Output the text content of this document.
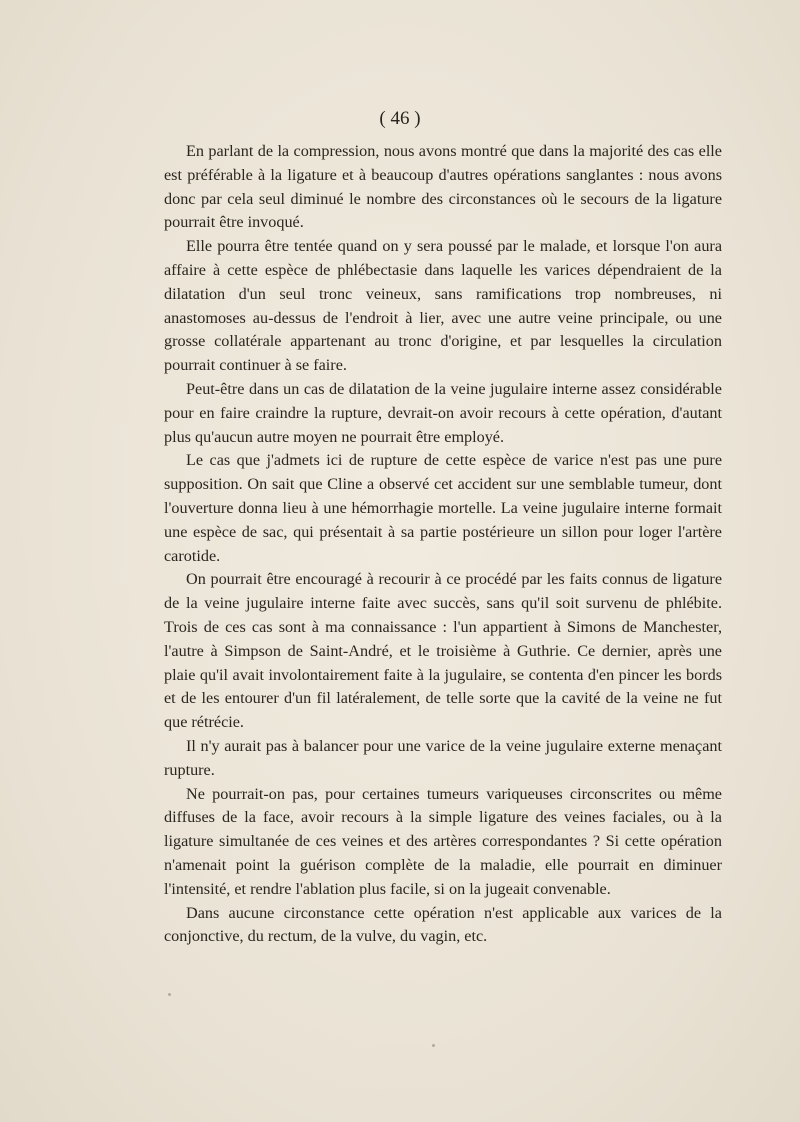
( 46 )

En parlant de la compression, nous avons montré que dans la majorité des cas elle est préférable à la ligature et à beaucoup d'autres opérations sanglantes : nous avons donc par cela seul diminué le nombre des circonstances où le secours de la ligature pourrait être invoqué.

Elle pourra être tentée quand on y sera poussé par le malade, et lorsque l'on aura affaire à cette espèce de phlébectasie dans laquelle les varices dépendraient de la dilatation d'un seul tronc veineux, sans ramifications trop nombreuses, ni anastomoses au-dessus de l'endroit à lier, avec une autre veine principale, ou une grosse collatérale appartenant au tronc d'origine, et par lesquelles la circulation pourrait continuer à se faire.

Peut-être dans un cas de dilatation de la veine jugulaire interne assez considérable pour en faire craindre la rupture, devrait-on avoir recours à cette opération, d'autant plus qu'aucun autre moyen ne pourrait être employé.

Le cas que j'admets ici de rupture de cette espèce de varice n'est pas une pure supposition. On sait que Cline a observé cet accident sur une semblable tumeur, dont l'ouverture donna lieu à une hémorrhagie mortelle. La veine jugulaire interne formait une espèce de sac, qui présentait à sa partie postérieure un sillon pour loger l'artère carotide.

On pourrait être encouragé à recourir à ce procédé par les faits connus de ligature de la veine jugulaire interne faite avec succès, sans qu'il soit survenu de phlébite. Trois de ces cas sont à ma connaissance : l'un appartient à Simons de Manchester, l'autre à Simpson de Saint-André, et le troisième à Guthrie. Ce dernier, après une plaie qu'il avait involontairement faite à la jugulaire, se contenta d'en pincer les bords et de les entourer d'un fil latéralement, de telle sorte que la cavité de la veine ne fut que rétrécie.

Il n'y aurait pas à balancer pour une varice de la veine jugulaire externe menaçant rupture.

Ne pourrait-on pas, pour certaines tumeurs variqueuses circonscrites ou même diffuses de la face, avoir recours à la simple ligature des veines faciales, ou à la ligature simultanée de ces veines et des artères correspondantes ? Si cette opération n'amenait point la guérison complète de la maladie, elle pourrait en diminuer l'intensité, et rendre l'ablation plus facile, si on la jugeait convenable.

Dans aucune circonstance cette opération n'est applicable aux varices de la conjonctive, du rectum, de la vulve, du vagin, etc.
